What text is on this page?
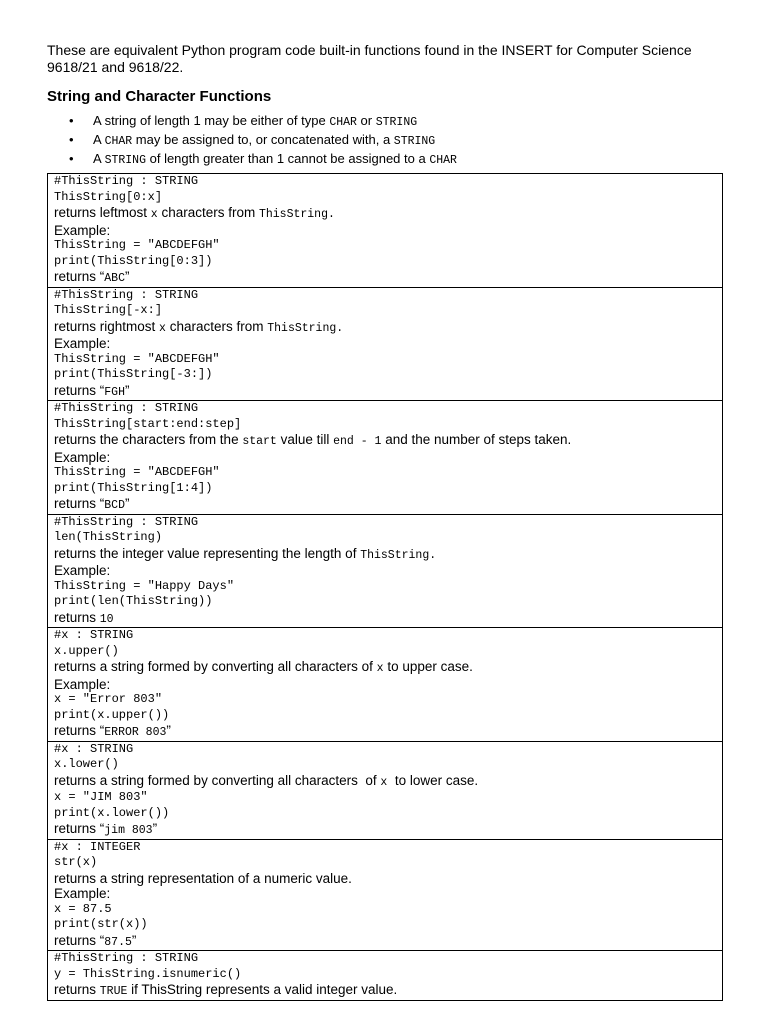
These are equivalent Python program code built-in functions found in the INSERT for Computer Science 9618/21 and 9618/22.

String and Character Functions
• A string of length 1 may be either of type CHAR or STRING
• A CHAR may be assigned to, or concatenated with, a STRING
• A STRING of length greater than 1 cannot be assigned to a CHAR
#ThisString : STRING
ThisString[0:x]
returns leftmost x characters from ThisString.
Example:
ThisString = "ABCDEFGH"
print(ThisString[0:3])
returns “ABC”

#ThisString : STRING
ThisString[-x:]
returns rightmost x characters from ThisString.
Example:
ThisString = "ABCDEFGH"
print(ThisString[-3:])
returns “FGH”

#ThisString : STRING
ThisString[start:end:step]
returns the characters from the start value till end - 1 and the number of steps taken.
Example:
ThisString = "ABCDEFGH"
print(ThisString[1:4])
returns “BCD”

#ThisString : STRING
len(ThisString)
returns the integer value representing the length of ThisString.
Example:
ThisString = "Happy Days"
print(len(ThisString))
returns 10

#x : STRING
x.upper()
returns a string formed by converting all characters of x to upper case.
Example:
x = "Error 803"
print(x.upper())
returns “ERROR 803”

#x : STRING
x.lower()
returns a string formed by converting all characters  of x  to lower case.
x = "JIM 803"
print(x.lower())
returns “jim 803”

#x : INTEGER
str(x)
returns a string representation of a numeric value.
Example:
x = 87.5
print(str(x))
returns “87.5”

#ThisString : STRING
y = ThisString.isnumeric()
returns TRUE if ThisString represents a valid integer value.
